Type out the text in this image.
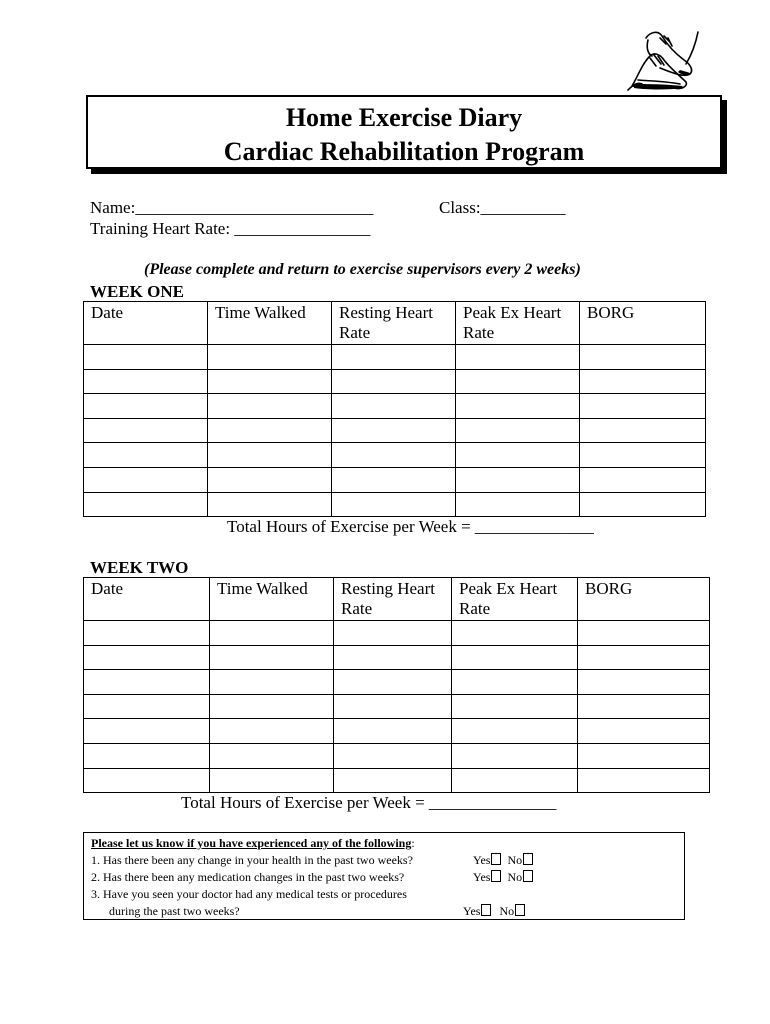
Home Exercise Diary
Cardiac Rehabilitation Program
Name:____________________________	Class:__________
Training Heart Rate: ________________
(Please complete and return to exercise supervisors every 2 weeks)
WEEK ONE
Date	Time Walked	Resting Heart Rate	Peak Ex Heart Rate	BORG

Total Hours of Exercise per Week = ______________
WEEK TWO
Date	Time Walked	Resting Heart Rate	Peak Ex Heart Rate	BORG

Total Hours of Exercise per Week = _______________
Please let us know if you have experienced any of the following:
1. Has there been any change in your health in the past two weeks?	Yes No
2. Has there been any medication changes in the past two weeks?	Yes No
3. Have you seen your doctor had any medical tests or procedures
during the past two weeks?	Yes No
